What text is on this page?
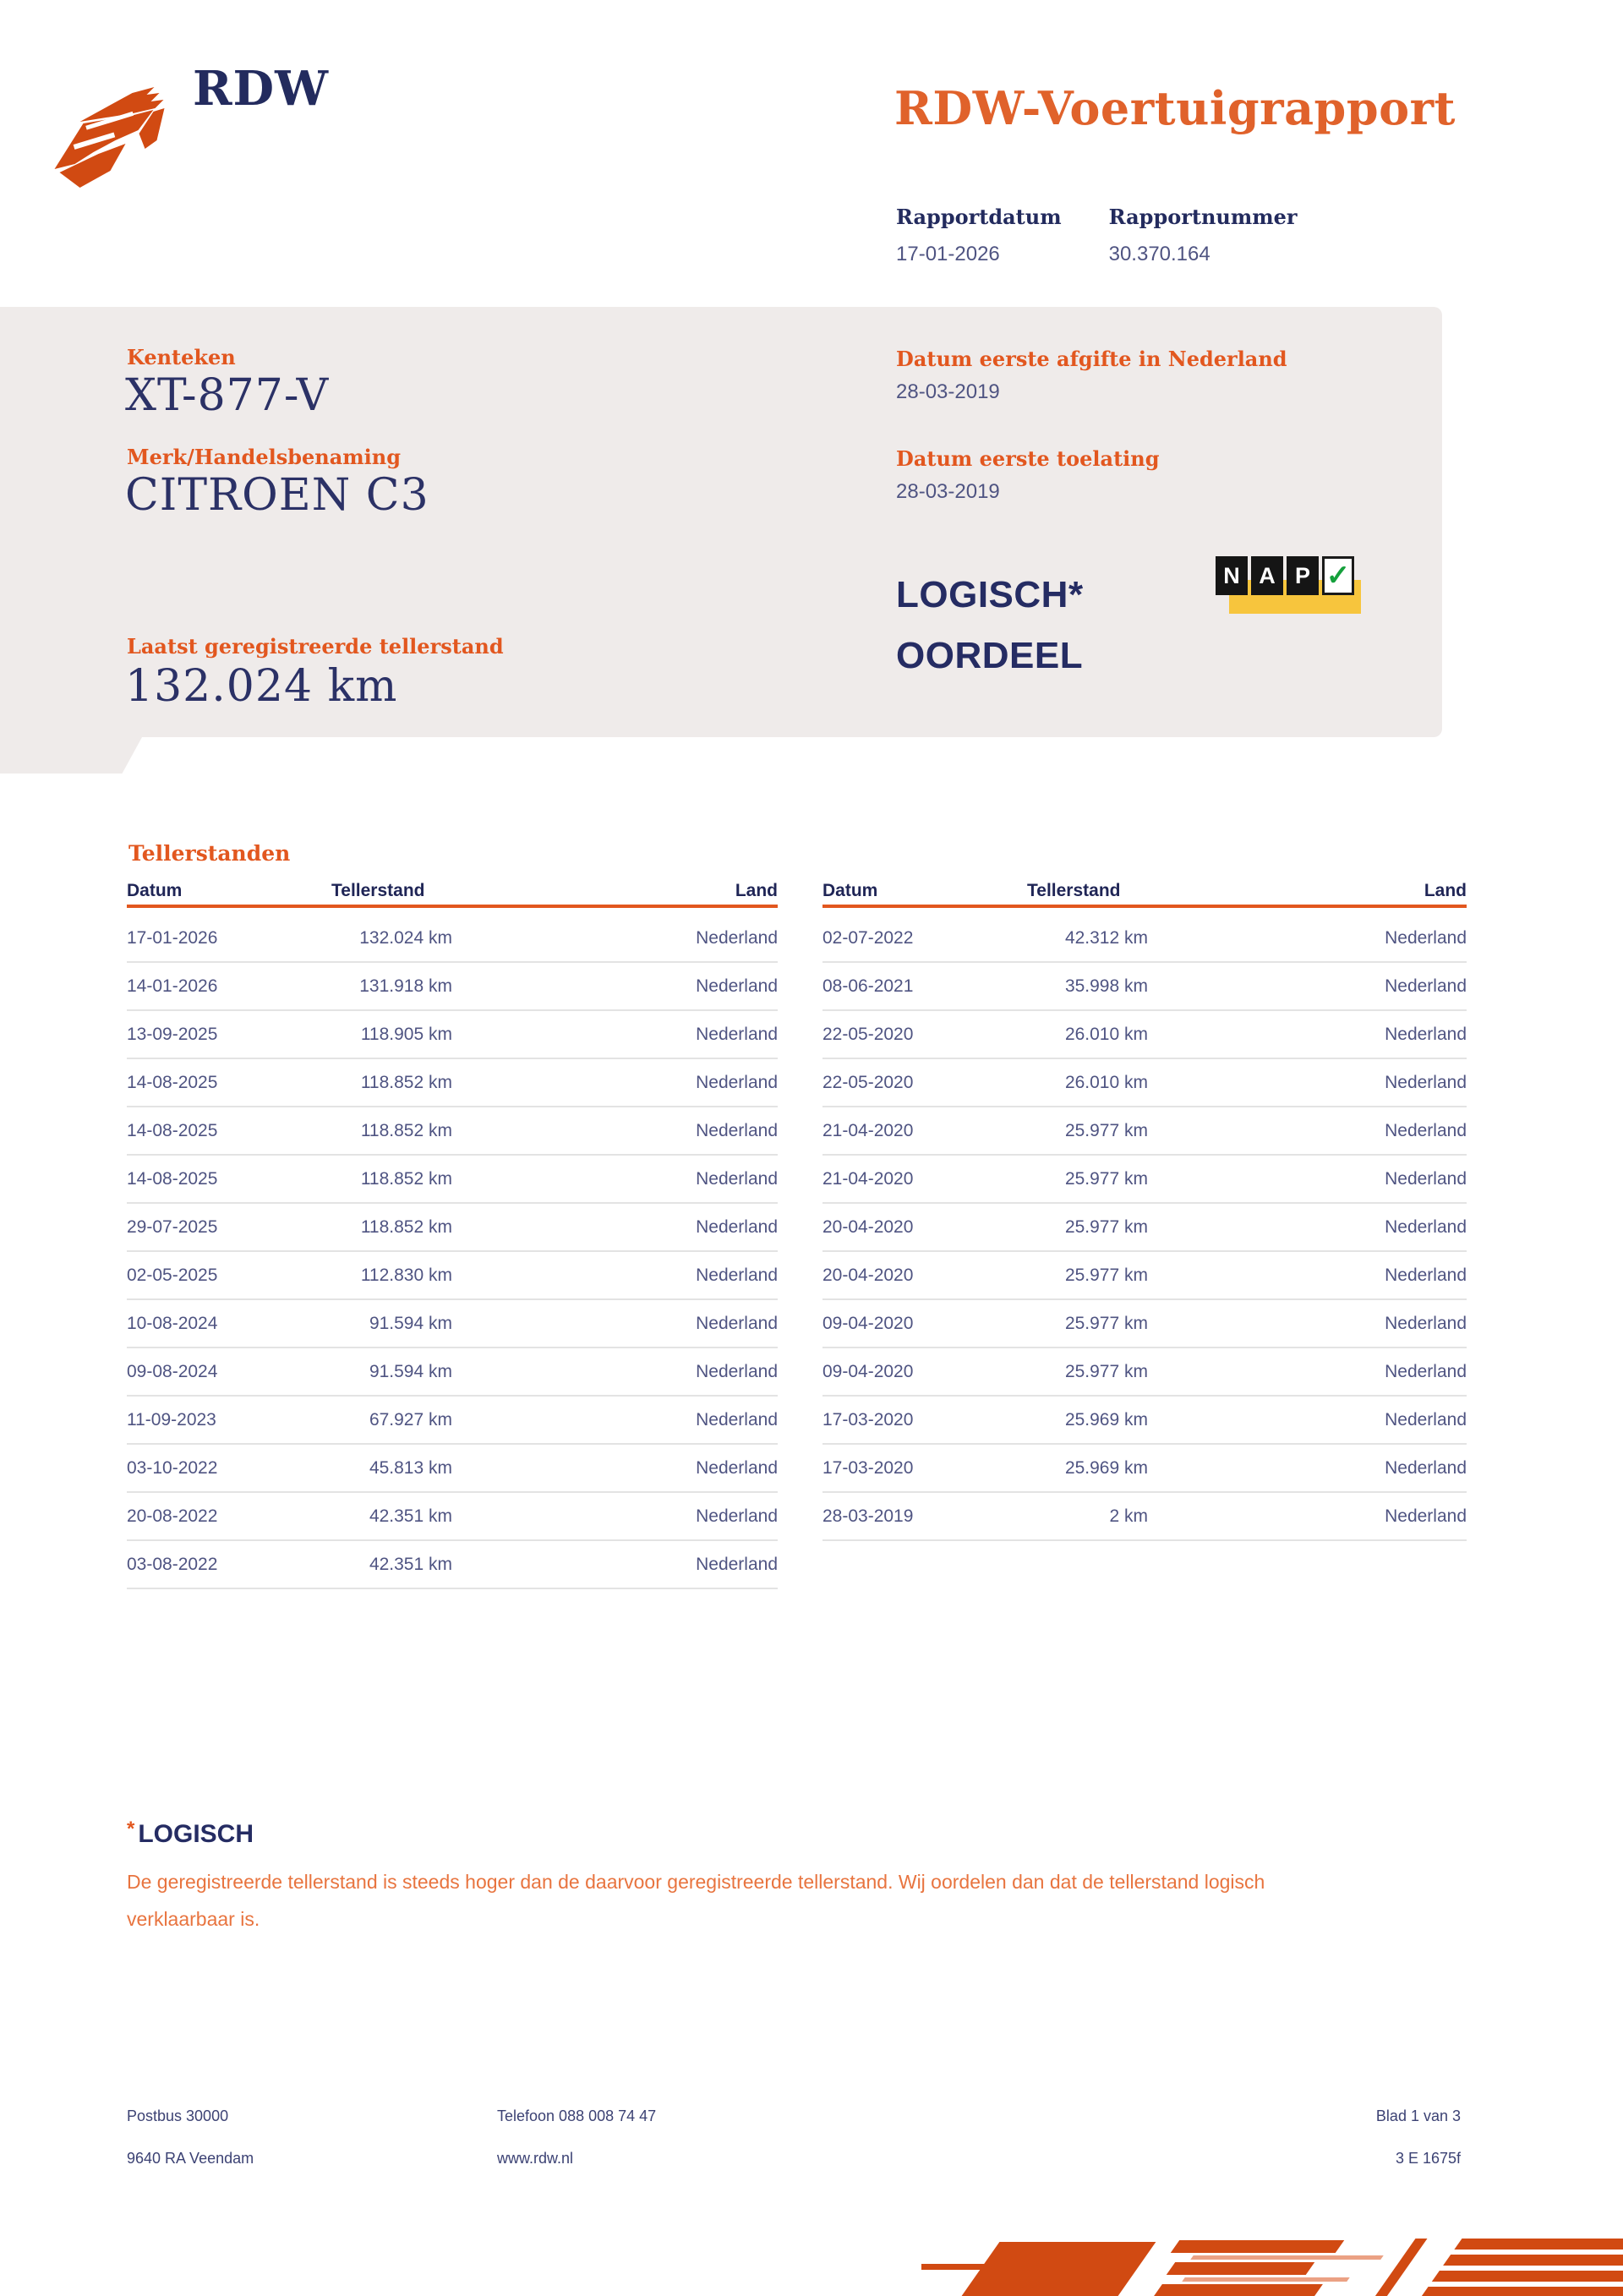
RDW	RDW-Voertuigrapport
Rapportdatum
17-01-2026
Rapportnummer
30.370.164
Kenteken
XT-877-V
Merk/Handelsbenaming
CITROEN C3
Laatst geregistreerde tellerstand
132.024 km
Datum eerste afgifte in Nederland
28-03-2019
Datum eerste toelating
28-03-2019
LOGISCH*
OORDEEL
N A P ✓
Tellerstanden
Datum	Tellerstand	Land
17-01-2026	132.024 km	Nederland
14-01-2026	131.918 km	Nederland
13-09-2025	118.905 km	Nederland
14-08-2025	118.852 km	Nederland
14-08-2025	118.852 km	Nederland
14-08-2025	118.852 km	Nederland
29-07-2025	118.852 km	Nederland
02-05-2025	112.830 km	Nederland
10-08-2024	91.594 km	Nederland
09-08-2024	91.594 km	Nederland
11-09-2023	67.927 km	Nederland
03-10-2022	45.813 km	Nederland
20-08-2022	42.351 km	Nederland
03-08-2022	42.351 km	Nederland
Datum	Tellerstand	Land
02-07-2022	42.312 km	Nederland
08-06-2021	35.998 km	Nederland
22-05-2020	26.010 km	Nederland
22-05-2020	26.010 km	Nederland
21-04-2020	25.977 km	Nederland
21-04-2020	25.977 km	Nederland
20-04-2020	25.977 km	Nederland
20-04-2020	25.977 km	Nederland
09-04-2020	25.977 km	Nederland
09-04-2020	25.977 km	Nederland
17-03-2020	25.969 km	Nederland
17-03-2020	25.969 km	Nederland
28-03-2019	2 km	Nederland
* LOGISCH
De geregistreerde tellerstand is steeds hoger dan de daarvoor geregistreerde tellerstand. Wij oordelen dan dat de tellerstand logisch verklaarbaar is.
Postbus 30000
9640 RA Veendam
Telefoon 088 008 74 47
www.rdw.nl
Blad 1 van 3
3 E 1675f
